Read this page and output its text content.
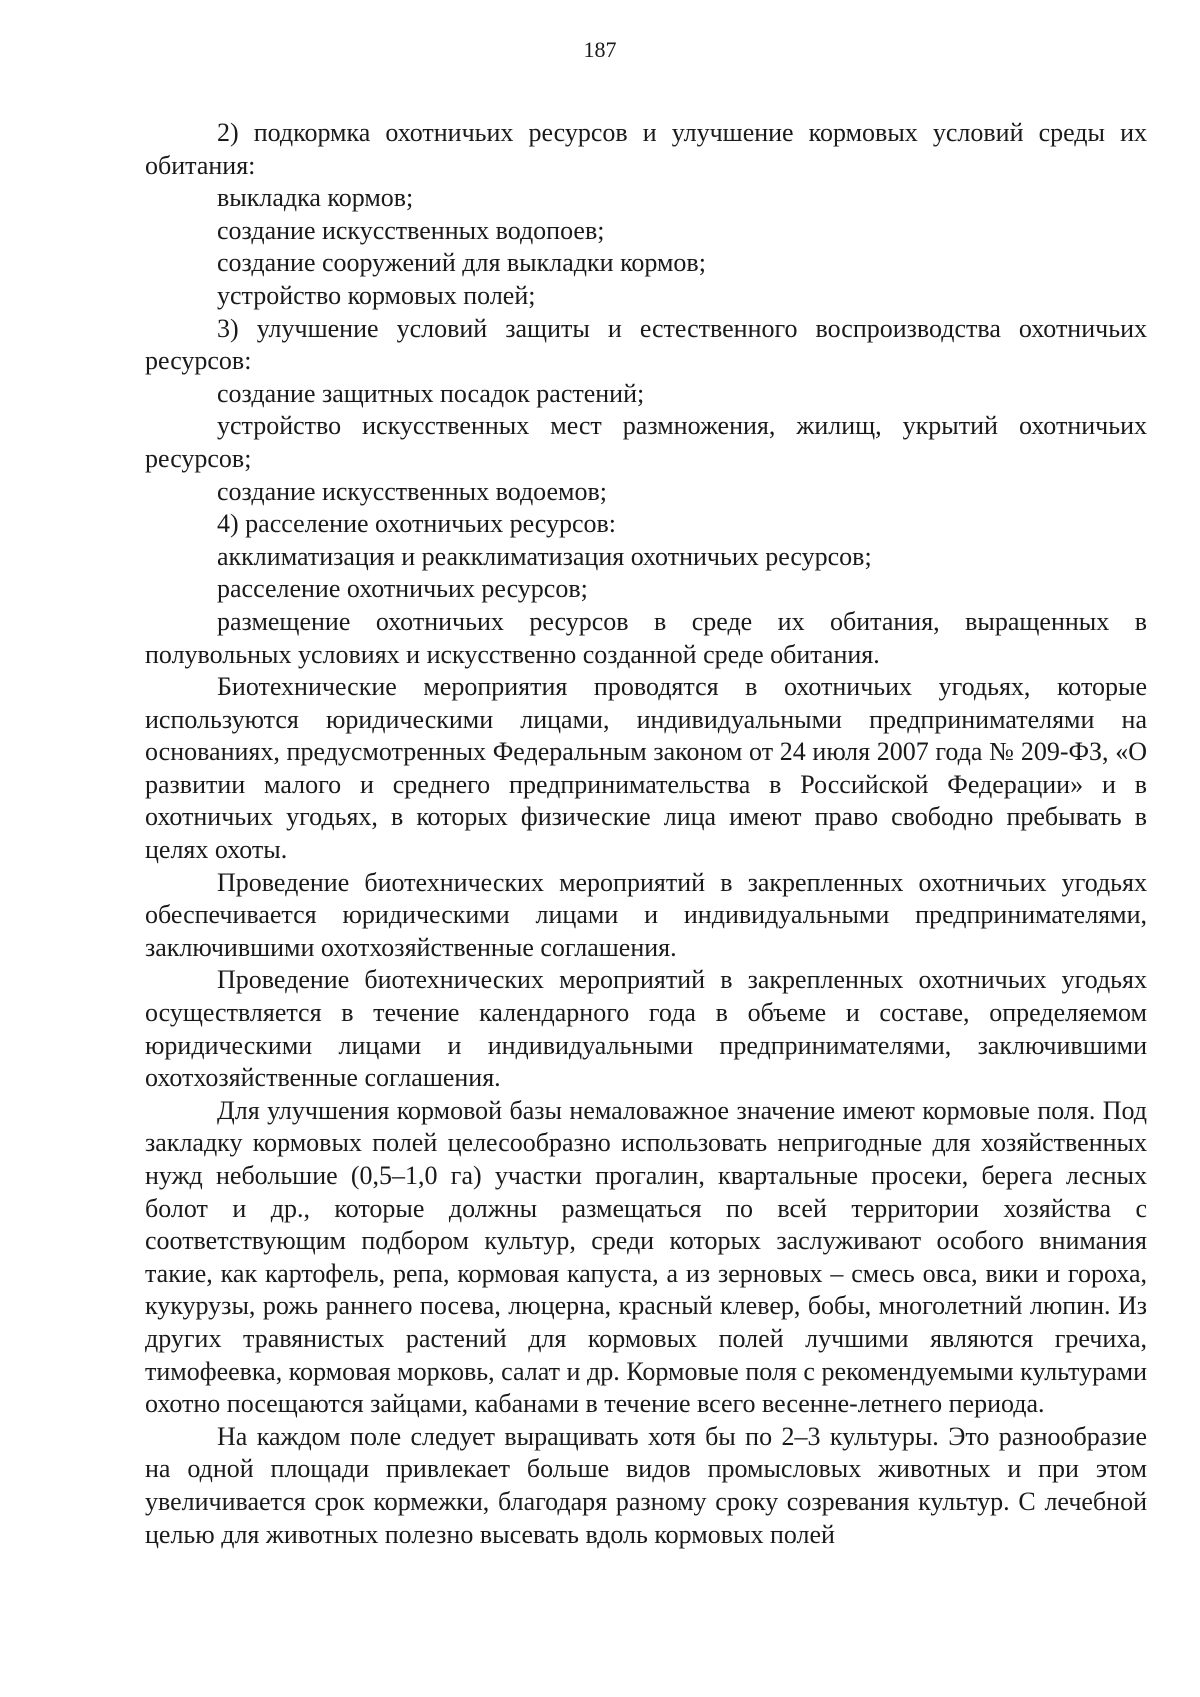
187

2) подкормка охотничьих ресурсов и улучшение кормовых условий среды их обитания:

выкладка кормов;

создание искусственных водопоев;

создание сооружений для выкладки кормов;

устройство кормовых полей;

3) улучшение условий защиты и естественного воспроизводства охотничьих ресурсов:

создание защитных посадок растений;

устройство искусственных мест размножения, жилищ, укрытий охотничьих ресурсов;

создание искусственных водоемов;

4) расселение охотничьих ресурсов:

акклиматизация и реакклиматизация охотничьих ресурсов;

расселение охотничьих ресурсов;

размещение охотничьих ресурсов в среде их обитания, выращенных в полувольных условиях и искусственно созданной среде обитания.

Биотехнические мероприятия проводятся в охотничьих угодьях, которые используются юридическими лицами, индивидуальными предпринимателями на основаниях, предусмотренных Федеральным законом от 24 июля 2007 года № 209-ФЗ, «О развитии малого и среднего предпринимательства в Российской Федерации» и в охотничьих угодьях, в которых физические лица имеют право свободно пребывать в целях охоты.

Проведение биотехнических мероприятий в закрепленных охотничьих угодьях обеспечивается юридическими лицами и индивидуальными предпринимателями, заключившими охотхозяйственные соглашения.

Проведение биотехнических мероприятий в закрепленных охотничьих угодьях осуществляется в течение календарного года в объеме и составе, определяемом юридическими лицами и индивидуальными предпринимателями, заключившими охотхозяйственные соглашения.

Для улучшения кормовой базы немаловажное значение имеют кормовые поля. Под закладку кормовых полей целесообразно использовать непригодные для хозяйственных нужд небольшие (0,5–1,0 га) участки прогалин, квартальные просеки, берега лесных болот и др., которые должны размещаться по всей территории хозяйства с соответствующим подбором культур, среди которых заслуживают особого внимания такие, как картофель, репа, кормовая капуста, а из зерновых – смесь овса, вики и гороха, кукурузы, рожь раннего посева, люцерна, красный клевер, бобы, многолетний люпин. Из других травянистых растений для кормовых полей лучшими являются гречиха, тимофеевка, кормовая морковь, салат и др. Кормовые поля с рекомендуемыми культурами охотно посещаются зайцами, кабанами в течение всего весенне-летнего периода.

На каждом поле следует выращивать хотя бы по 2–3 культуры. Это разнообразие на одной площади привлекает больше видов промысловых животных и при этом увеличивается срок кормежки, благодаря разному сроку созревания культур. С лечебной целью для животных полезно высевать вдоль кормовых полей
